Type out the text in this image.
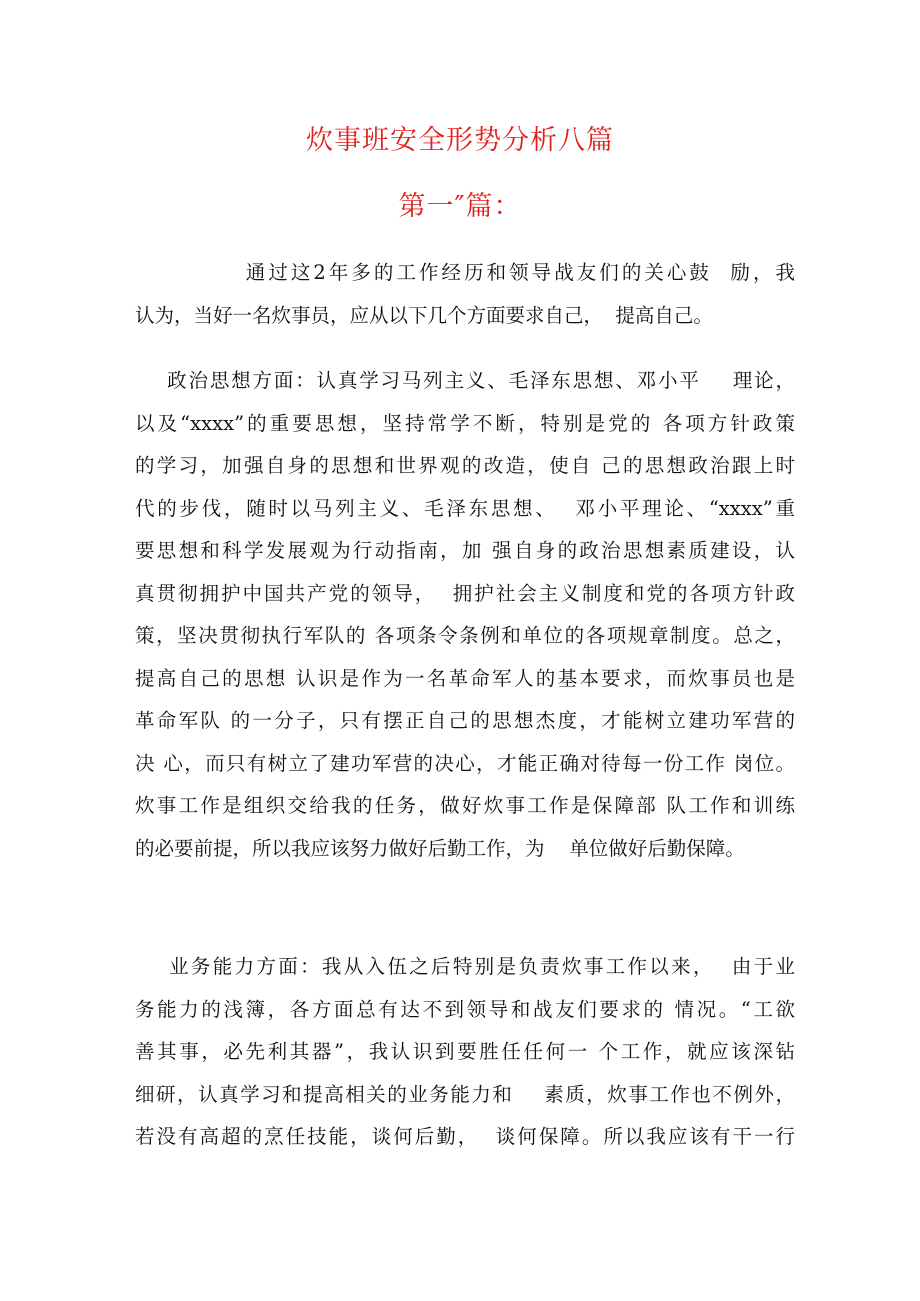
炊事班安全形势分析八篇
第一″篇：

通过这2年多的工作经历和领导战友们的关心鼓  励，我
认为，当好一名炊事员，应从以下几个方面要求自己，  提高自己。

政治思想方面：认真学习马列主义、毛泽东思想、邓小平    理论，
以及“xxxx”的重要思想，坚持常学不断，特别是党的 各项方针政策
的学习，加强自身的思想和世界观的改造，使自 己的思想政治跟上时
代的步伐，随时以马列主义、毛泽东思想、  邓小平理论、“xxxx”重
要思想和科学发展观为行动指南，加 强自身的政治思想素质建设，认
真贯彻拥护中国共产党的领导，  拥护社会主义制度和党的各项方针政
策，坚决贯彻执行军队的 各项条令条例和单位的各项规章制度。总之，
提高自己的思想 认识是作为一名革命军人的基本要求，而炊事员也是
革命军队 的一分子，只有摆正自己的思想杰度，才能树立建功军营的
决 心，而只有树立了建功军营的决心，才能正确对待每一份工作 岗位。
炊事工作是组织交给我的任务，做好炊事工作是保障部 队工作和训练
的必要前提，所以我应该努力做好后勤工作，为    单位做好后勤保障。

业务能力方面：我从入伍之后特别是负责炊事工作以来，  由于业
务能力的浅簿，各方面总有达不到领导和战友们要求的 情况。“工欲
善其事，必先利其器”，我认识到要胜任任何一 个工作，就应该深钻
细研，认真学习和提高相关的业务能力和    素质，炊事工作也不例外，
若没有高超的烹任技能，谈何后勤，  谈何保障。所以我应该有干一行
